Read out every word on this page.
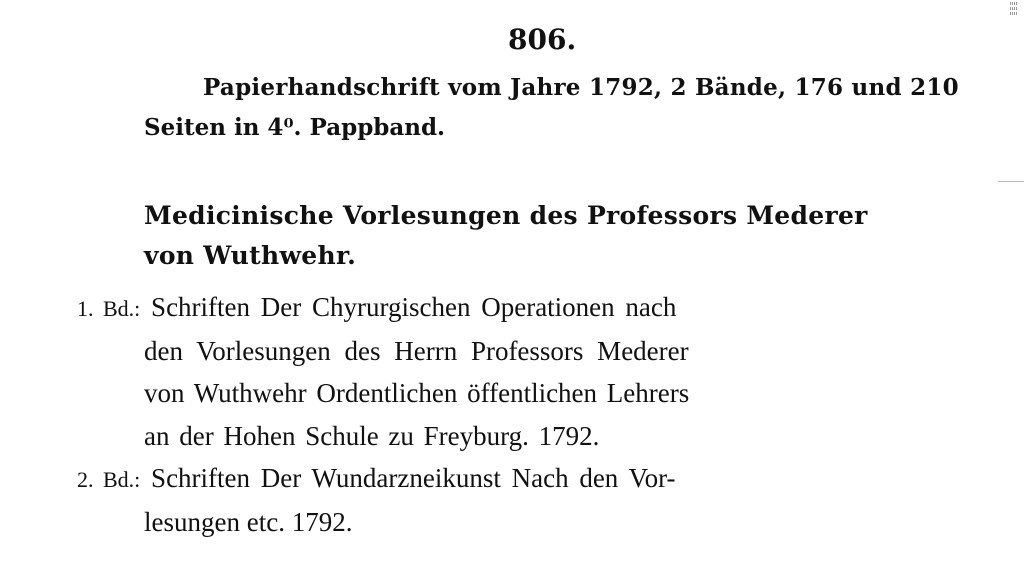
806.
Papierhandschrift vom Jahre 1792, 2 Bände, 176 und 210
Seiten in 4⁰. Pappband.
Medicinische Vorlesungen des Professors Mederer
von Wuthwehr.
1. Bd.: Schriften Der Chyrurgischen Operationen nach
den Vorlesungen des Herrn Professors Mederer
von Wuthwehr Ordentlichen öffentlichen Lehrers
an der Hohen Schule zu Freyburg. 1792.
2. Bd.: Schriften Der Wundarzneikunst Nach den Vor-
lesungen etc. 1792.
